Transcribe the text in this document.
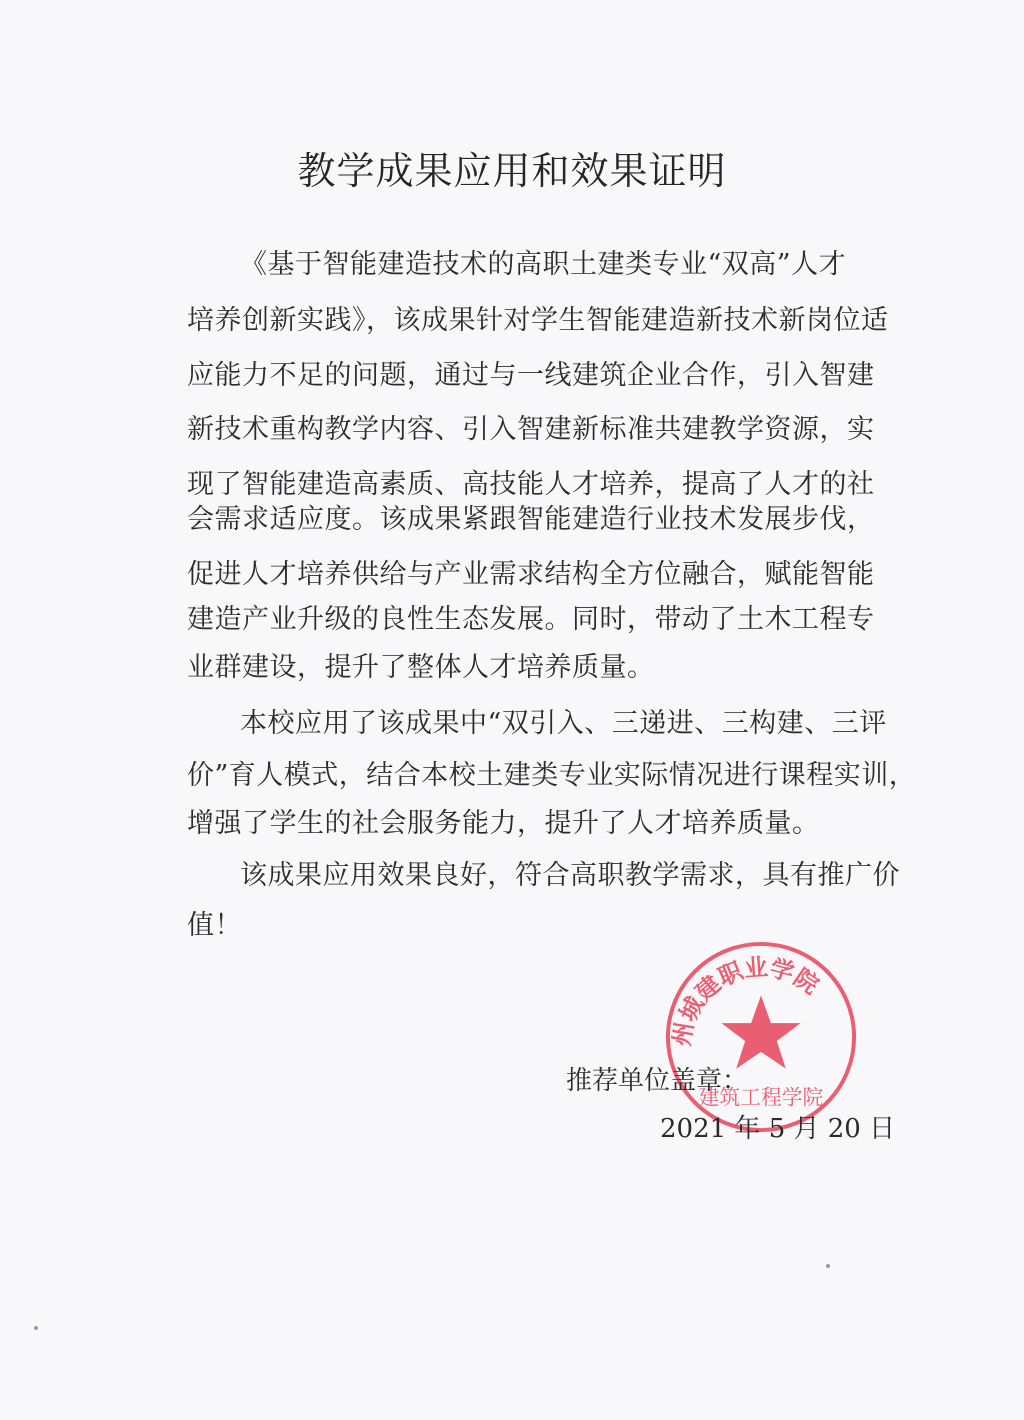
教学成果应用和效果证明
《基于智能建造技术的高职土建类专业“双高”人才
培养创新实践》，该成果针对学生智能建造新技术新岗位适
应能力不足的问题，通过与一线建筑企业合作，引入智建
新技术重构教学内容、引入智建新标准共建教学资源，实
现了智能建造高素质、高技能人才培养，提高了人才的社
会需求适应度。该成果紧跟智能建造行业技术发展步伐，
促进人才培养供给与产业需求结构全方位融合，赋能智能
建造产业升级的良性生态发展。同时，带动了土木工程专
业群建设，提升了整体人才培养质量。
本校应用了该成果中“双引入、三递进、三构建、三评
价”育人模式，结合本校土建类专业实际情况进行课程实训，
增强了学生的社会服务能力，提升了人才培养质量。
该成果应用效果良好，符合高职教学需求，具有推广价
值！
州城建职业学院
建筑工程学院
推荐单位盖章：
2021 年 5 月 20 日
